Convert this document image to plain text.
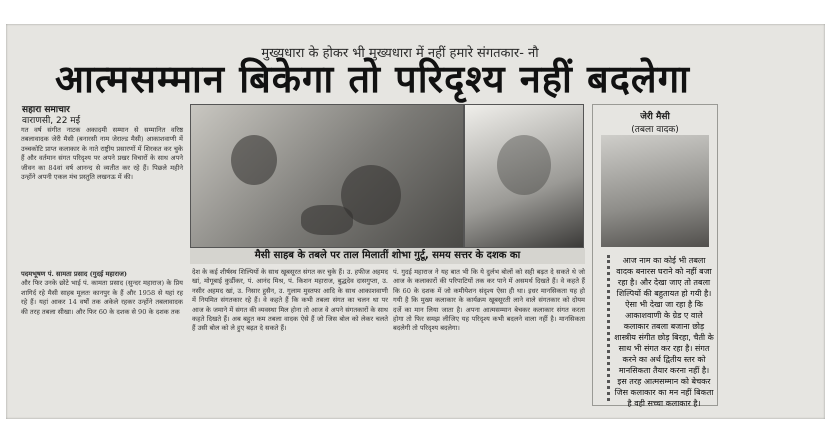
मुख्यधारा के होकर भी मुख्यधारा में नहीं हमारे संगतकार- नौ
आत्मसम्मान बिकेगा तो परिदृश्य नहीं बदलेगा
सहारा समाचार
वाराणसी, 22 मई
गत वर्ष संगीत नाटक अकादमी सम्मान से सम्मानित वरिष्ठ तबलावादक जेरी मैसी (बनारसी नाम जेराल्ड मैसी) आकाशवाणी में उच्चकोटि प्राप्त कलाकार के नाते राष्ट्रीय प्रसारणों में शिरकत कर चुके हैं और वर्तमान संगत परिदृश्य पर अपने प्रखर विचारों के साथ अपने जीवन का 84वां वर्ष आनन्द से व्यतीत कर रहे हैं। पिछले महीने उन्होंने अपनी एकल मंच प्रस्तुति लखनऊ में की।
पदमभूषण पं. सामता प्रसाद (गुदई महाराज)
और फिर उनके छोटे भाई पं. कामता प्रसाद (सुन्दर महाराज) के प्रिय शागिर्द रहे मैसी साहब मूलतः कानपुर के हैं और 1958 से यहां रह रहे हैं। यहां आकर 14 वर्षों तक अकेले रहकर उन्होंने तबलावादक की तरह तबला सीखा। और फिर 60 के दशक से 90 के दशक तक
मैसी साहब के तबले पर ताल मिलातीं शोभा गुर्टू, समय सत्तर के दशक का
देश के कई शीर्षस्थ शिल्पियों के साथ खूबसूरत संगत कर चुके हैं। उ. हफीज अहमद खां, मोगूबाई कुर्डीकर, पं. आनंद मिश्र, पं. किशन महाराज, बुद्धदेव दासगुप्ता, उ. नसीर अहमद खां, उ. निसार हुसैन, उ. गुलाम मुस्तफा आदि के साथ आकाशवाणी में नियमित संगतकार रहे हैं। वे कहते हैं कि कभी तबला संगत का चलन था पर आज के जमाने में संगत की व्यवस्था मिल होना तो आज वे अपने संगतकारों के साथ कहते दिखते हैं। अब बहुत कम तबला वादक ऐसे हैं जो जिस बोल को लेकर चलते हैं उसी बोल को ले हुए बढ़त दे सकते हैं।
पं. गुदई महाराज ने यह बात भी कि ये दुर्लभ बोलों को सही बढ़त दे सकते थे जो आज के कलाकारों की परिपाटियों तक कर पाने में असमर्थ दिखते हैं। वे कहते हैं कि 60 के दशक में जो कमीयेशन संदृश्य ऐसा ही था। इधर मानसिकता यह हो गयी है कि मुख्य कलाकार के कार्यक्रम खूबसूरती लाने वाले संगतकार को दोयम दर्जे का मान लिया जाता है। अपना आत्मसम्मान बेचकर कलाकार संगत करता होगा तो फिर समझ लीजिए यह परिदृश्य कभी बदलने वाला नहीं है। मानसिकता बदलेगी तो परिदृश्य बदलेगा।
जेरी मैसी
(तबला वादक)
आज नाम का कोई भी तबला वादक बनारस घराने को नहीं बजा रहा है। और देखा जाए तो तबला शिल्पियों की बहुतायत हो गयी है। ऐसा भी देखा जा रहा है कि आकाशवाणी के ग्रेड ए वाले कलाकार तबला बजाना छोड़ शास्त्रीय संगीत छोड़ बिरहा, चैती के साथ भी संगत कर रहा है। संगत करने का अर्थ द्वितीय स्तर को मानसिकता तैयार करना नहीं है। इस तरह आत्मसम्मान को बेचकर जिस कलाकार का मन नहीं बिकता है वही सच्चा कलाकार है।
